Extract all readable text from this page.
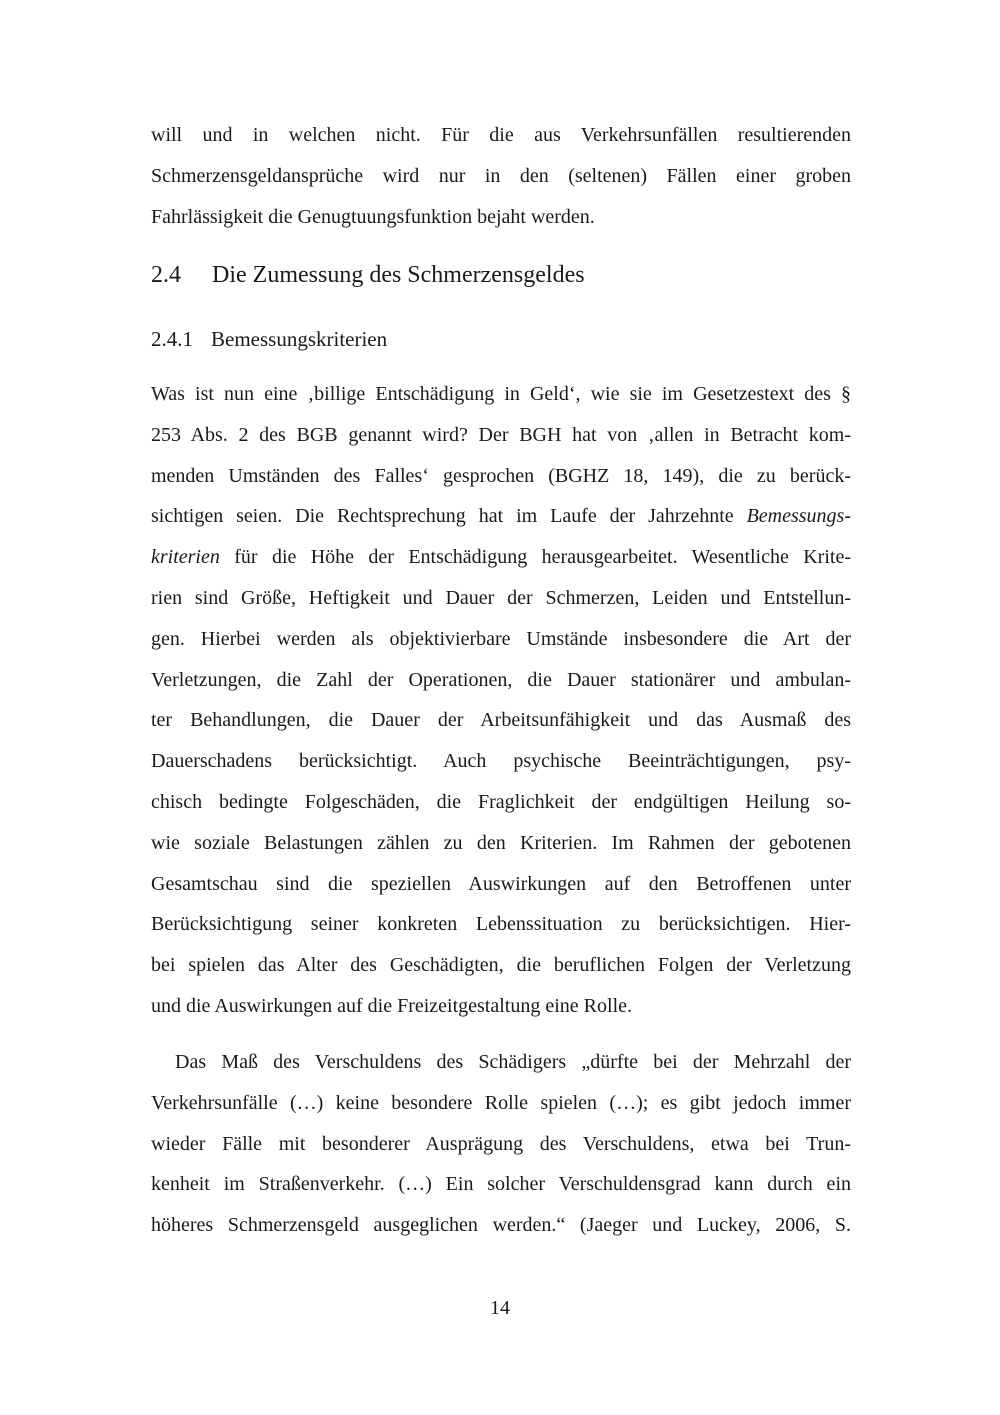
will und in welchen nicht. Für die aus Verkehrsunfällen resultierenden
Schmerzensgeldansprüche wird nur in den (seltenen) Fällen einer groben
Fahrlässigkeit die Genugtuungsfunktion bejaht werden.
2.4 Die Zumessung des Schmerzensgeldes
2.4.1 Bemessungskriterien
Was ist nun eine ‚billige Entschädigung in Geld‘, wie sie im Gesetzestext des §
253 Abs. 2 des BGB genannt wird? Der BGH hat von ‚allen in Betracht kom-
menden Umständen des Falles‘ gesprochen (BGHZ 18, 149), die zu berück-
sichtigen seien. Die Rechtsprechung hat im Laufe der Jahrzehnte Bemessungs-
kriterien für die Höhe der Entschädigung herausgearbeitet. Wesentliche Krite-
rien sind Größe, Heftigkeit und Dauer der Schmerzen, Leiden und Entstellun-
gen. Hierbei werden als objektivierbare Umstände insbesondere die Art der
Verletzungen, die Zahl der Operationen, die Dauer stationärer und ambulan-
ter Behandlungen, die Dauer der Arbeitsunfähigkeit und das Ausmaß des
Dauerschadens berücksichtigt. Auch psychische Beeinträchtigungen, psy-
chisch bedingte Folgeschäden, die Fraglichkeit der endgültigen Heilung so-
wie soziale Belastungen zählen zu den Kriterien. Im Rahmen der gebotenen
Gesamtschau sind die speziellen Auswirkungen auf den Betroffenen unter
Berücksichtigung seiner konkreten Lebenssituation zu berücksichtigen. Hier-
bei spielen das Alter des Geschädigten, die beruflichen Folgen der Verletzung
und die Auswirkungen auf die Freizeitgestaltung eine Rolle.
Das Maß des Verschuldens des Schädigers „dürfte bei der Mehrzahl der
Verkehrsunfälle (…) keine besondere Rolle spielen (…); es gibt jedoch immer
wieder Fälle mit besonderer Ausprägung des Verschuldens, etwa bei Trun-
kenheit im Straßenverkehr. (…) Ein solcher Verschuldensgrad kann durch ein
höheres Schmerzensgeld ausgeglichen werden.“ (Jaeger und Luckey, 2006, S.
14
